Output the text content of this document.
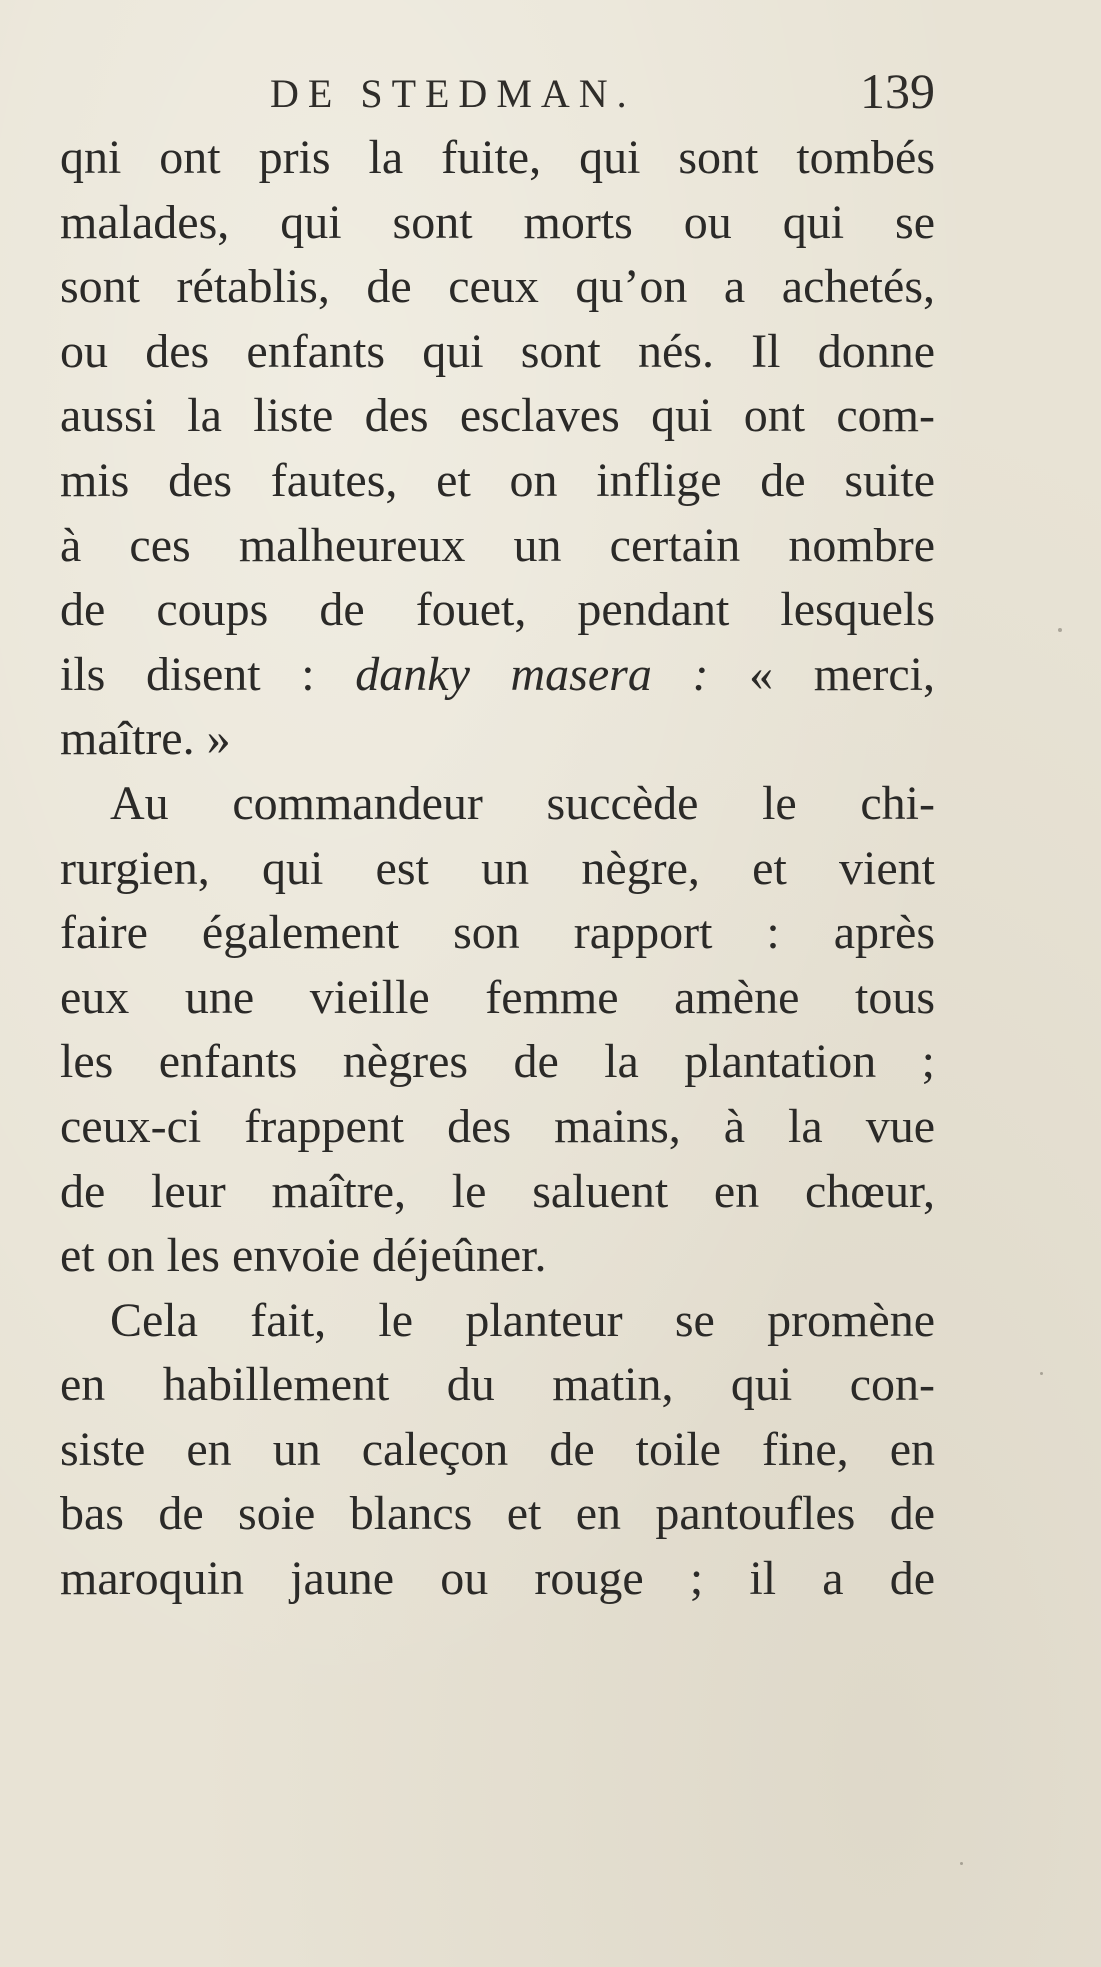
DE STEDMAN.	139
qni ont pris la fuite, qui sont tombés
malades, qui sont morts ou qui se
sont rétablis, de ceux qu’on a achetés,
ou des enfants qui sont nés. Il donne
aussi la liste des esclaves qui ont com-
mis des fautes, et on inflige de suite
à ces malheureux un certain nombre
de coups de fouet, pendant lesquels
ils disent : danky masera : « merci,
maître. »
Au commandeur succède le chi-
rurgien, qui est un nègre, et vient
faire également son rapport : après
eux une vieille femme amène tous
les enfants nègres de la plantation ;
ceux-ci frappent des mains, à la vue
de leur maître, le saluent en chœur,
et on les envoie déjeûner.
Cela fait, le planteur se promène
en habillement du matin, qui con-
siste en un caleçon de toile fine, en
bas de soie blancs et en pantoufles de
maroquin jaune ou rouge ; il a de
